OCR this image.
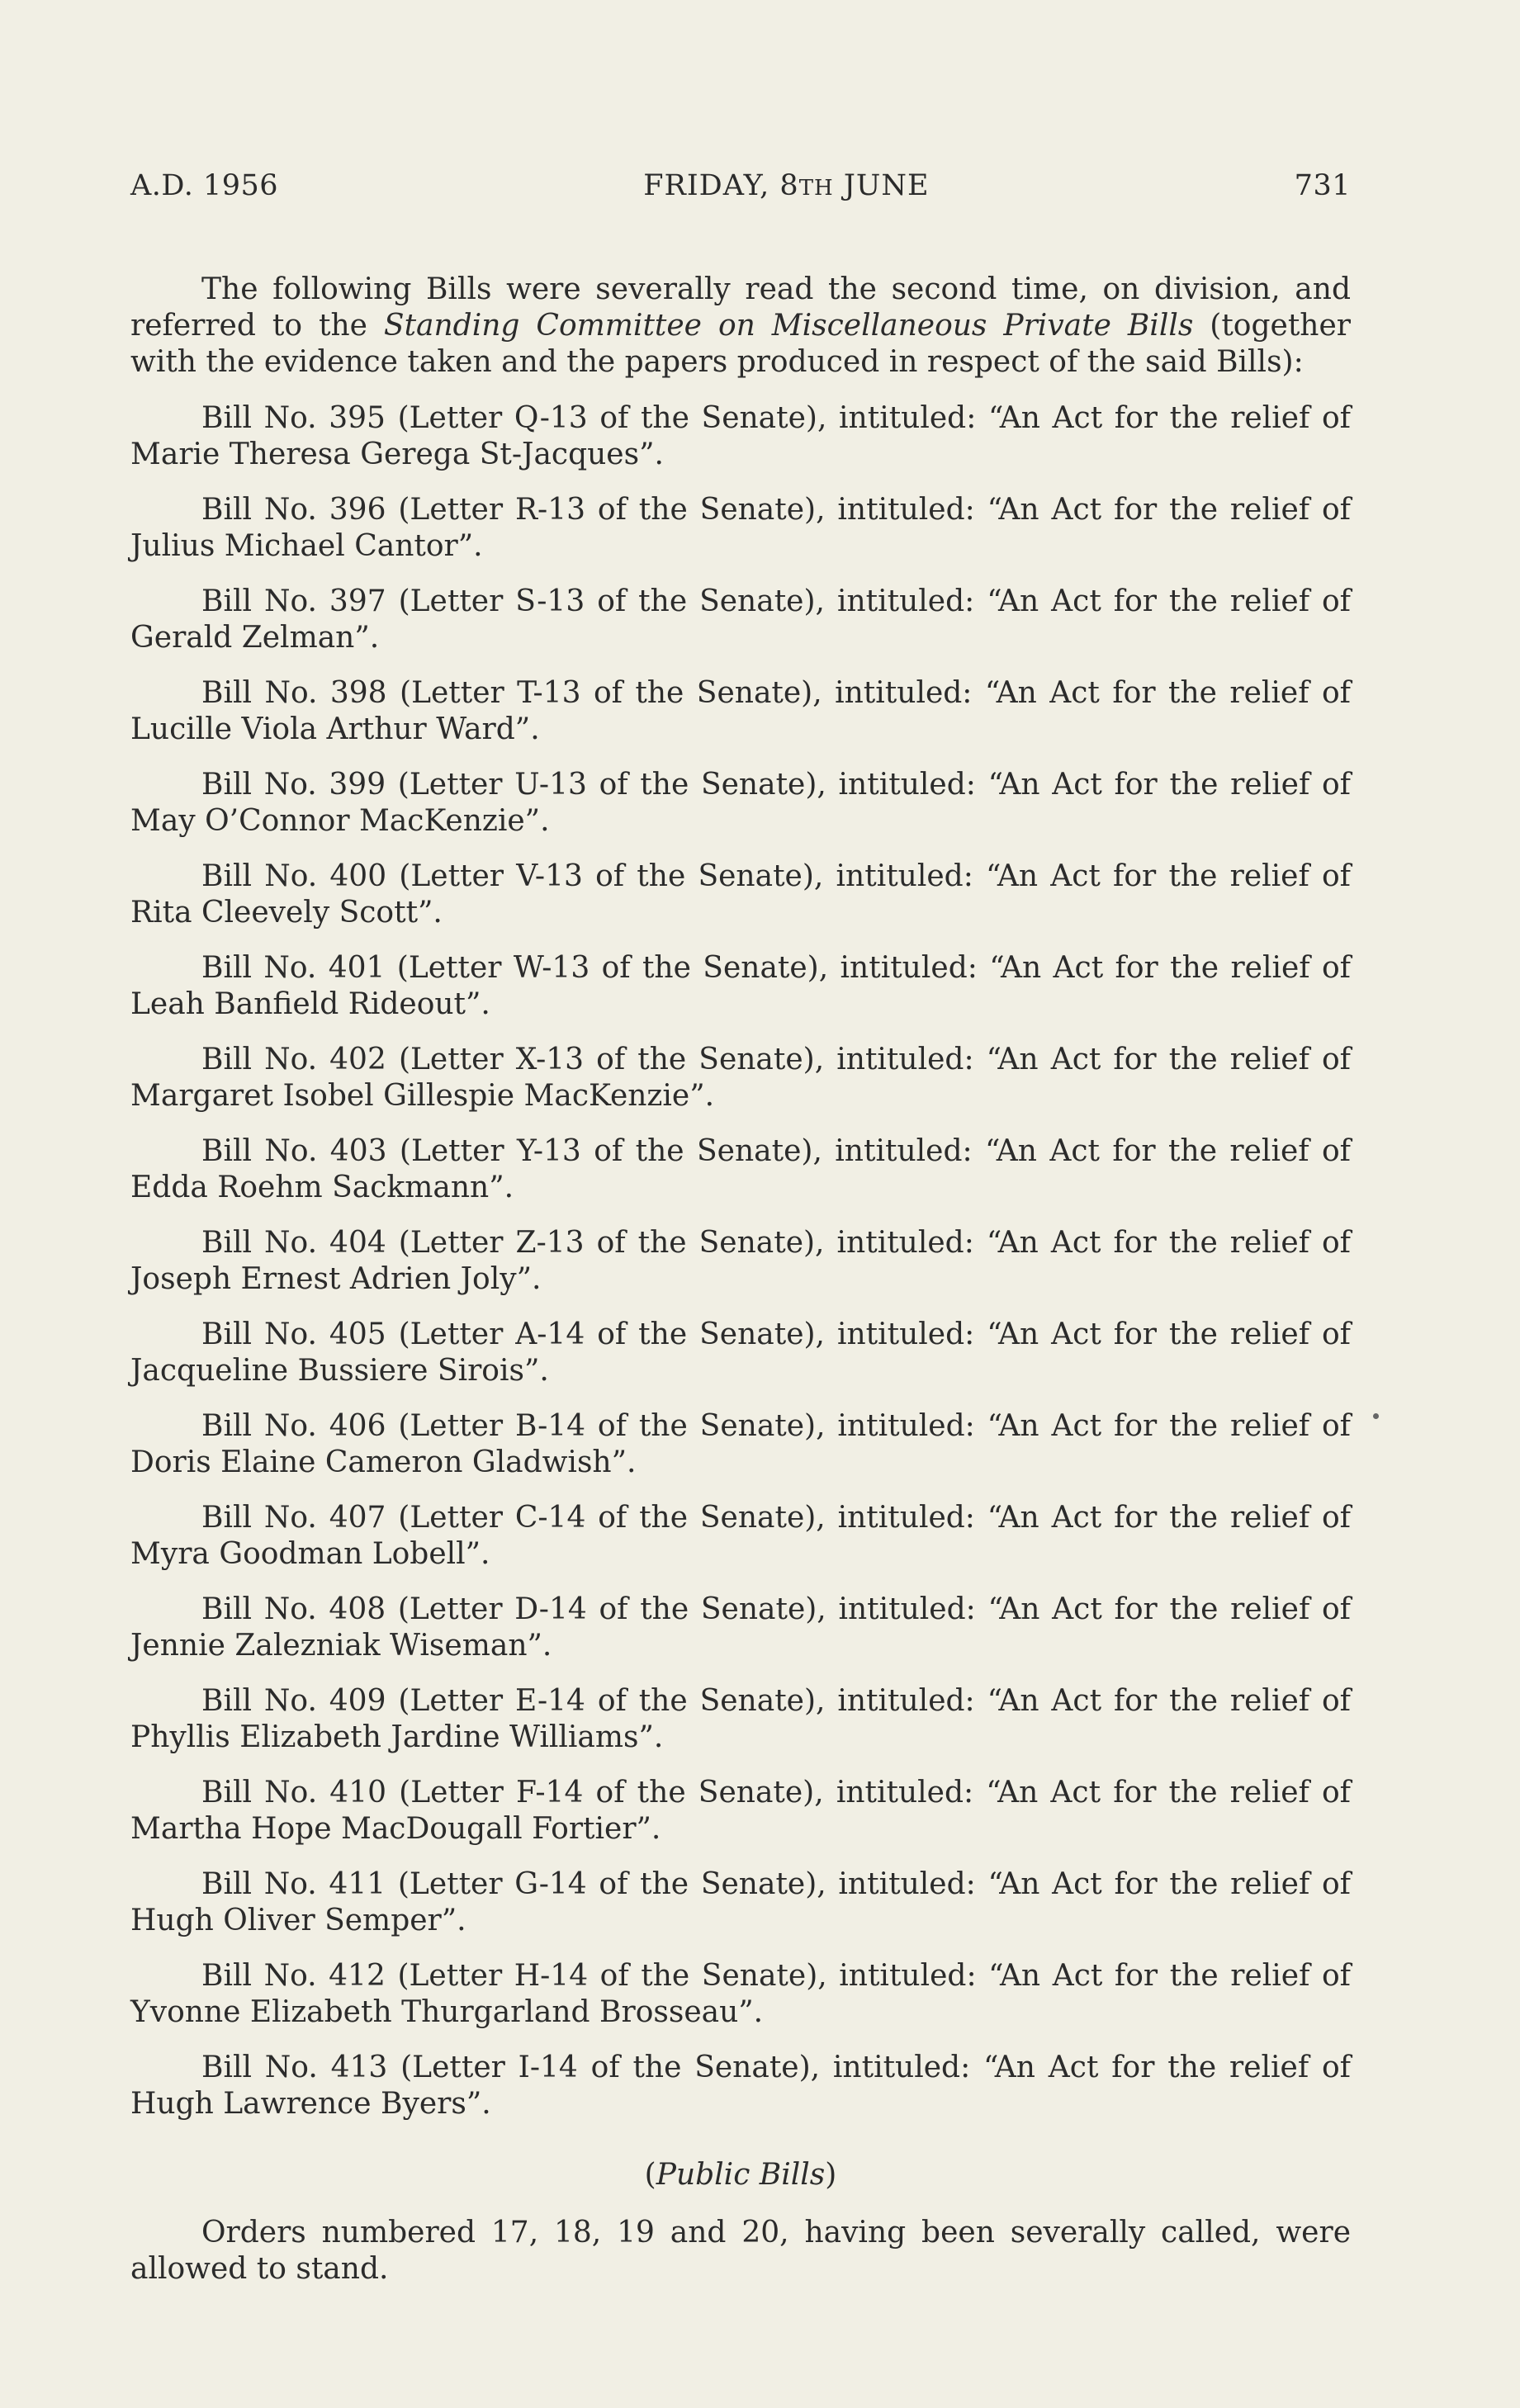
A.D. 1956	FRIDAY, 8TH JUNE	731

The following Bills were severally read the second time, on division, and referred to the Standing Committee on Miscellaneous Private Bills (together with the evidence taken and the papers produced in respect of the said Bills):

Bill No. 395 (Letter Q-13 of the Senate), intituled: “An Act for the relief of Marie Theresa Gerega St-Jacques”.

Bill No. 396 (Letter R-13 of the Senate), intituled: “An Act for the relief of Julius Michael Cantor”.

Bill No. 397 (Letter S-13 of the Senate), intituled: “An Act for the relief of Gerald Zelman”.

Bill No. 398 (Letter T-13 of the Senate), intituled: “An Act for the relief of Lucille Viola Arthur Ward”.

Bill No. 399 (Letter U-13 of the Senate), intituled: “An Act for the relief of May O’Connor MacKenzie”.

Bill No. 400 (Letter V-13 of the Senate), intituled: “An Act for the relief of Rita Cleevely Scott”.

Bill No. 401 (Letter W-13 of the Senate), intituled: “An Act for the relief of Leah Banfield Rideout”.

Bill No. 402 (Letter X-13 of the Senate), intituled: “An Act for the relief of Margaret Isobel Gillespie MacKenzie”.

Bill No. 403 (Letter Y-13 of the Senate), intituled: “An Act for the relief of Edda Roehm Sackmann”.

Bill No. 404 (Letter Z-13 of the Senate), intituled: “An Act for the relief of Joseph Ernest Adrien Joly”.

Bill No. 405 (Letter A-14 of the Senate), intituled: “An Act for the relief of Jacqueline Bussiere Sirois”.

Bill No. 406 (Letter B-14 of the Senate), intituled: “An Act for the relief of Doris Elaine Cameron Gladwish”.

Bill No. 407 (Letter C-14 of the Senate), intituled: “An Act for the relief of Myra Goodman Lobell”.

Bill No. 408 (Letter D-14 of the Senate), intituled: “An Act for the relief of Jennie Zalezniak Wiseman”.

Bill No. 409 (Letter E-14 of the Senate), intituled: “An Act for the relief of Phyllis Elizabeth Jardine Williams”.

Bill No. 410 (Letter F-14 of the Senate), intituled: “An Act for the relief of Martha Hope MacDougall Fortier”.

Bill No. 411 (Letter G-14 of the Senate), intituled: “An Act for the relief of Hugh Oliver Semper”.

Bill No. 412 (Letter H-14 of the Senate), intituled: “An Act for the relief of Yvonne Elizabeth Thurgarland Brosseau”.

Bill No. 413 (Letter I-14 of the Senate), intituled: “An Act for the relief of Hugh Lawrence Byers”.

(Public Bills)

Orders numbered 17, 18, 19 and 20, having been severally called, were allowed to stand.
